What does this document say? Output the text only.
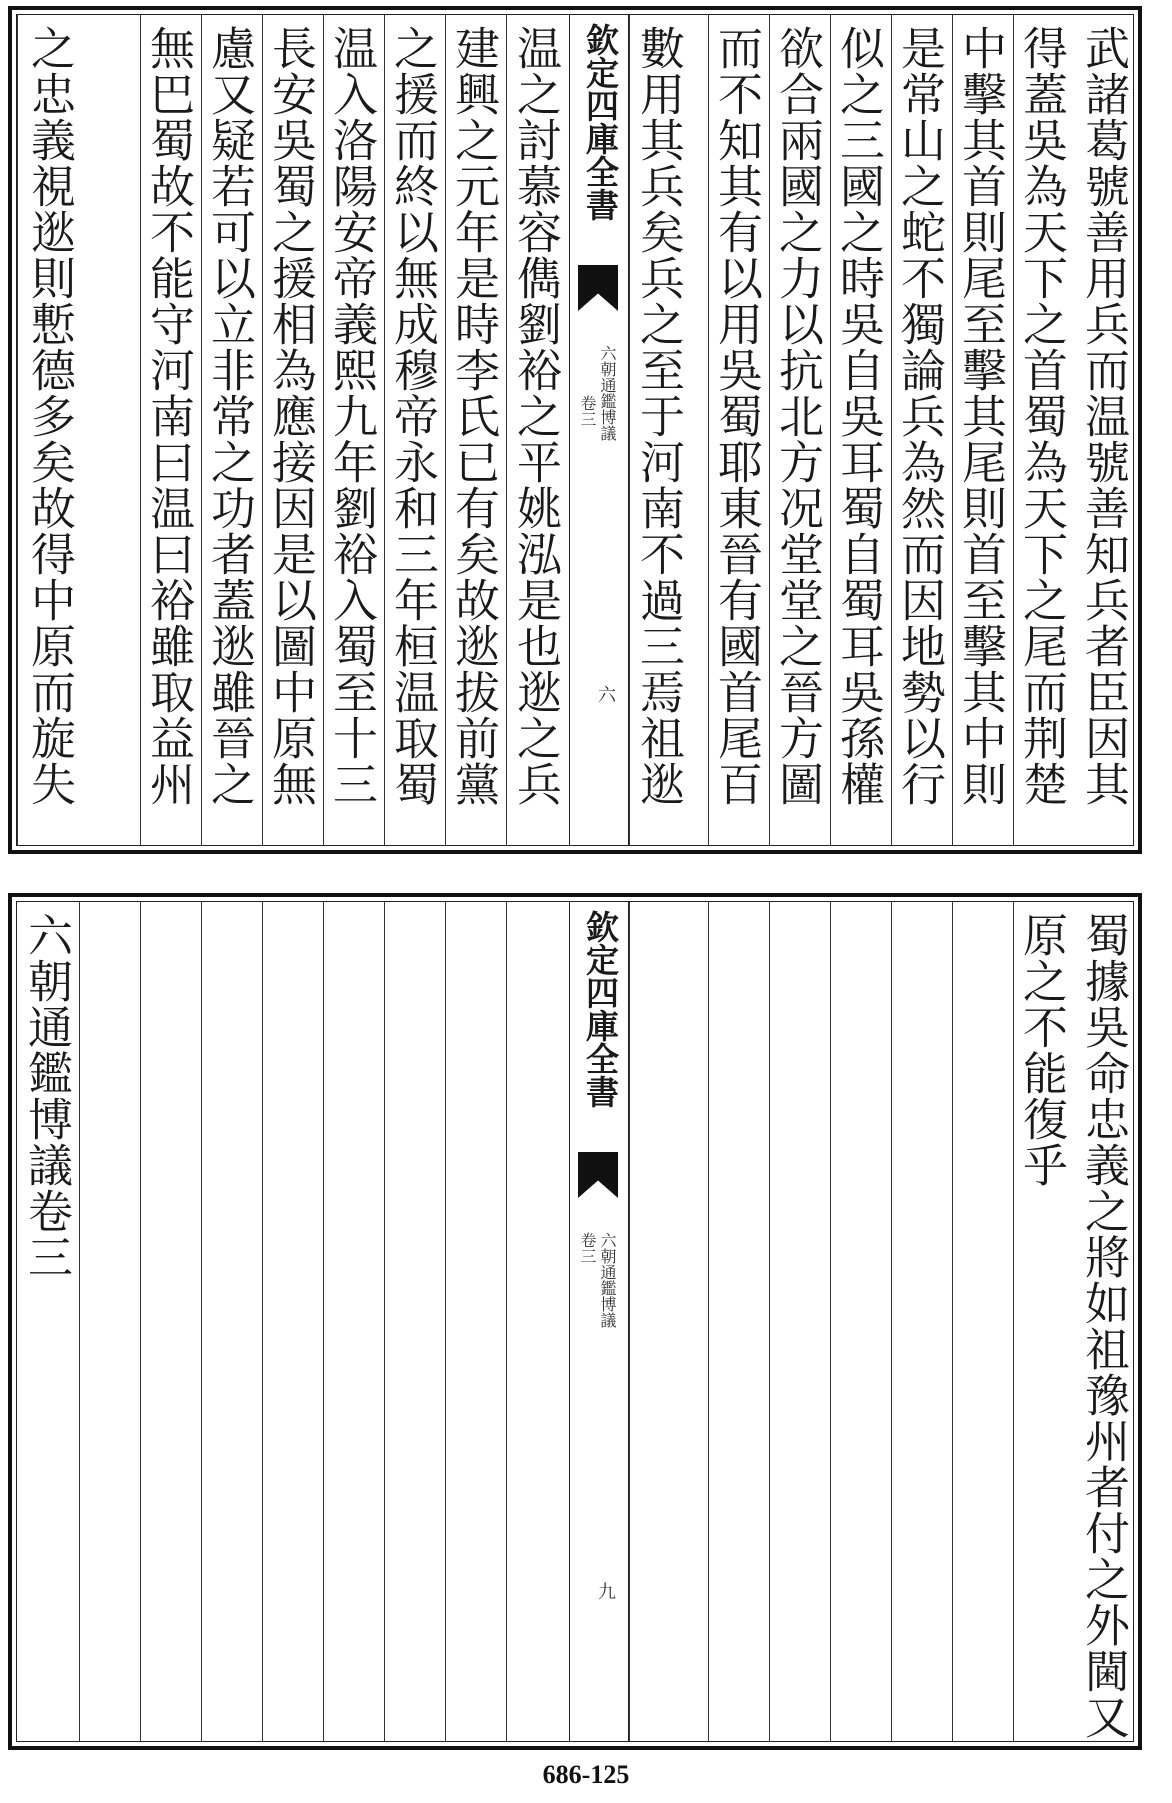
武諸葛號善用兵而温號善知兵者臣因其
得蓋吳為天下之首蜀為天下之尾而荆楚
中擊其首則尾至擊其尾則首至擊其中則
是常山之蛇不獨論兵為然而因地勢以行
似之三國之時吳自吳耳蜀自蜀耳吳孫權
欲合兩國之力以抗北方况堂堂之晉方圖
而不知其有以用吳蜀耶東晉有國首尾百
數用其兵矣兵之至于河南不過三焉祖逖
欽定四庫全書
六朝通鑑博議
卷三
六
温之討慕容儁劉裕之平姚泓是也逖之兵
建興之元年是時李氏已有矣故逖拔前黨
之援而終以無成穆帝永和三年桓温取蜀
温入洛陽安帝義熙九年劉裕入蜀至十三
長安吳蜀之援相為應接因是以圖中原無
慮又疑若可以立非常之功者蓋逖雖晉之
無巴蜀故不能守河南曰温曰裕雖取益州
之忠義視逖則慙德多矣故得中原而旋失
蜀據吳命忠義之將如祖豫州者付之外閫又
原之不能復乎
欽定四庫全書
六朝通鑑博議
卷三
九
六朝通鑑博議卷三
686-125
